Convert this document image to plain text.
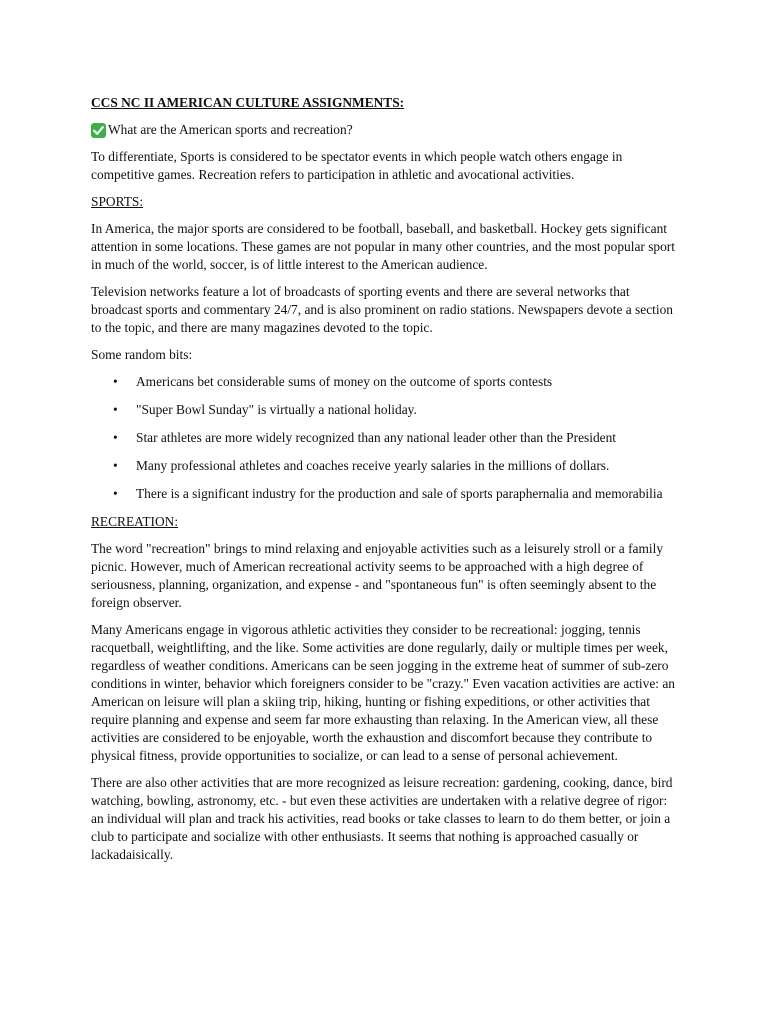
CCS NC II AMERICAN CULTURE ASSIGNMENTS:
What are the American sports and recreation?

To differentiate, Sports is considered to be spectator events in which people watch others engage in competitive games. Recreation refers to participation in athletic and avocational activities.

SPORTS:

In America, the major sports are considered to be football, baseball, and basketball. Hockey gets significant attention in some locations. These games are not popular in many other countries, and the most popular sport in much of the world, soccer, is of little interest to the American audience.

Television networks feature a lot of broadcasts of sporting events and there are several networks that broadcast sports and commentary 24/7, and is also prominent on radio stations. Newspapers devote a section to the topic, and there are many magazines devoted to the topic.

Some random bits:

• Americans bet considerable sums of money on the outcome of sports contests
• "Super Bowl Sunday" is virtually a national holiday.
• Star athletes are more widely recognized than any national leader other than the President
• Many professional athletes and coaches receive yearly salaries in the millions of dollars.
• There is a significant industry for the production and sale of sports paraphernalia and memorabilia
RECREATION:

The word "recreation" brings to mind relaxing and enjoyable activities such as a leisurely stroll or a family picnic. However, much of American recreational activity seems to be approached with a high degree of seriousness, planning, organization, and expense - and "spontaneous fun" is often seemingly absent to the foreign observer.

Many Americans engage in vigorous athletic activities they consider to be recreational: jogging, tennis racquetball, weightlifting, and the like. Some activities are done regularly, daily or multiple times per week, regardless of weather conditions. Americans can be seen jogging in the extreme heat of summer of sub-zero conditions in winter, behavior which foreigners consider to be "crazy." Even vacation activities are active: an American on leisure will plan a skiing trip, hiking, hunting or fishing expeditions, or other activities that require planning and expense and seem far more exhausting than relaxing. In the American view, all these activities are considered to be enjoyable, worth the exhaustion and discomfort because they contribute to physical fitness, provide opportunities to socialize, or can lead to a sense of personal achievement.

There are also other activities that are more recognized as leisure recreation: gardening, cooking, dance, bird watching, bowling, astronomy, etc. - but even these activities are undertaken with a relative degree of rigor: an individual will plan and track his activities, read books or take classes to learn to do them better, or join a club to participate and socialize with other enthusiasts. It seems that nothing is approached casually or lackadaisically.
